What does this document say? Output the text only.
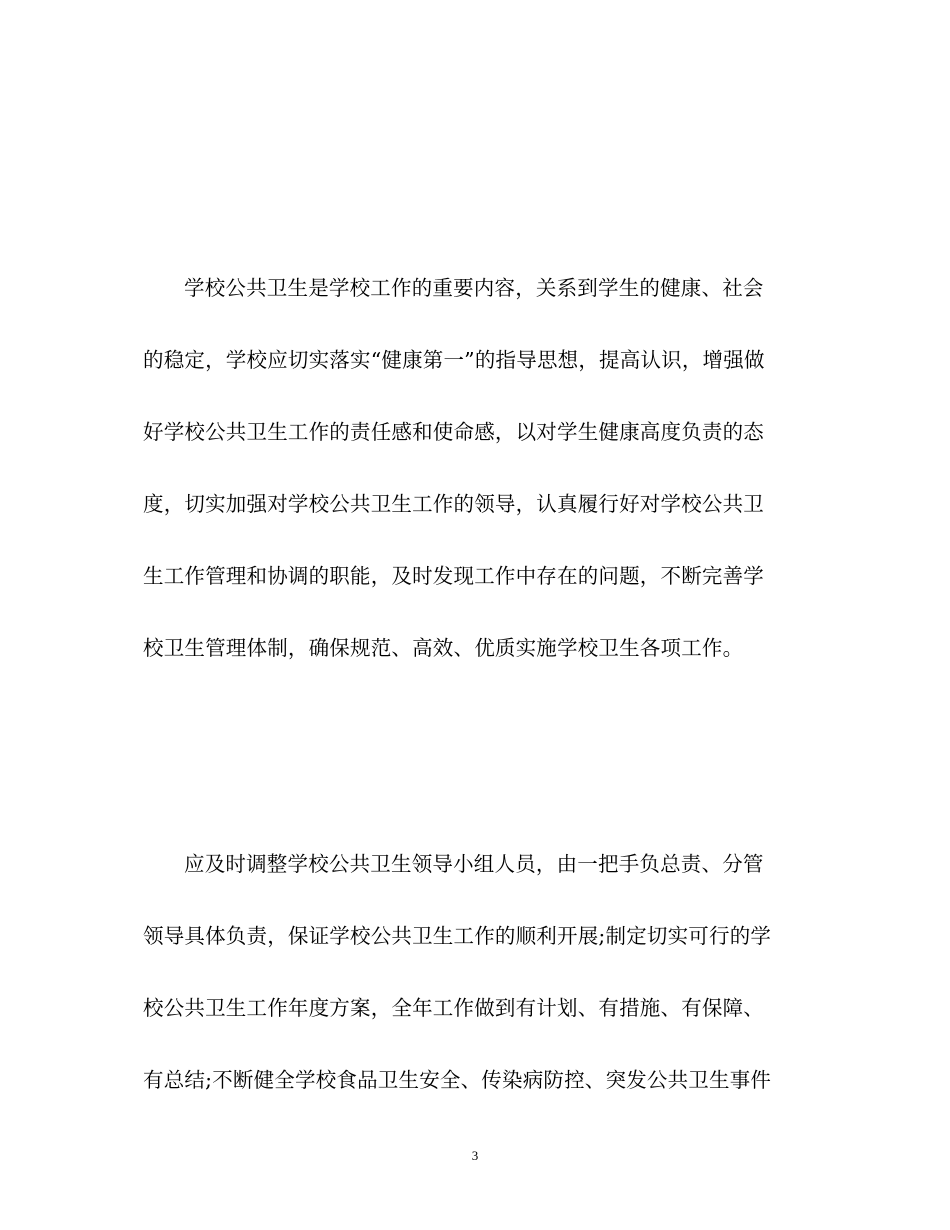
学校公共卫生是学校工作的重要内容，关系到学生的健康、社会
的稳定，学校应切实落实“健康第一”的指导思想，提高认识，增强做
好学校公共卫生工作的责任感和使命感，以对学生健康高度负责的态
度，切实加强对学校公共卫生工作的领导，认真履行好对学校公共卫
生工作管理和协调的职能，及时发现工作中存在的问题，不断完善学
校卫生管理体制，确保规范、高效、优质实施学校卫生各项工作。
应及时调整学校公共卫生领导小组人员，由一把手负总责、分管
领导具体负责，保证学校公共卫生工作的顺利开展;制定切实可行的学
校公共卫生工作年度方案，全年工作做到有计划、有措施、有保障、
有总结;不断健全学校食品卫生安全、传染病防控、突发公共卫生事件
3
